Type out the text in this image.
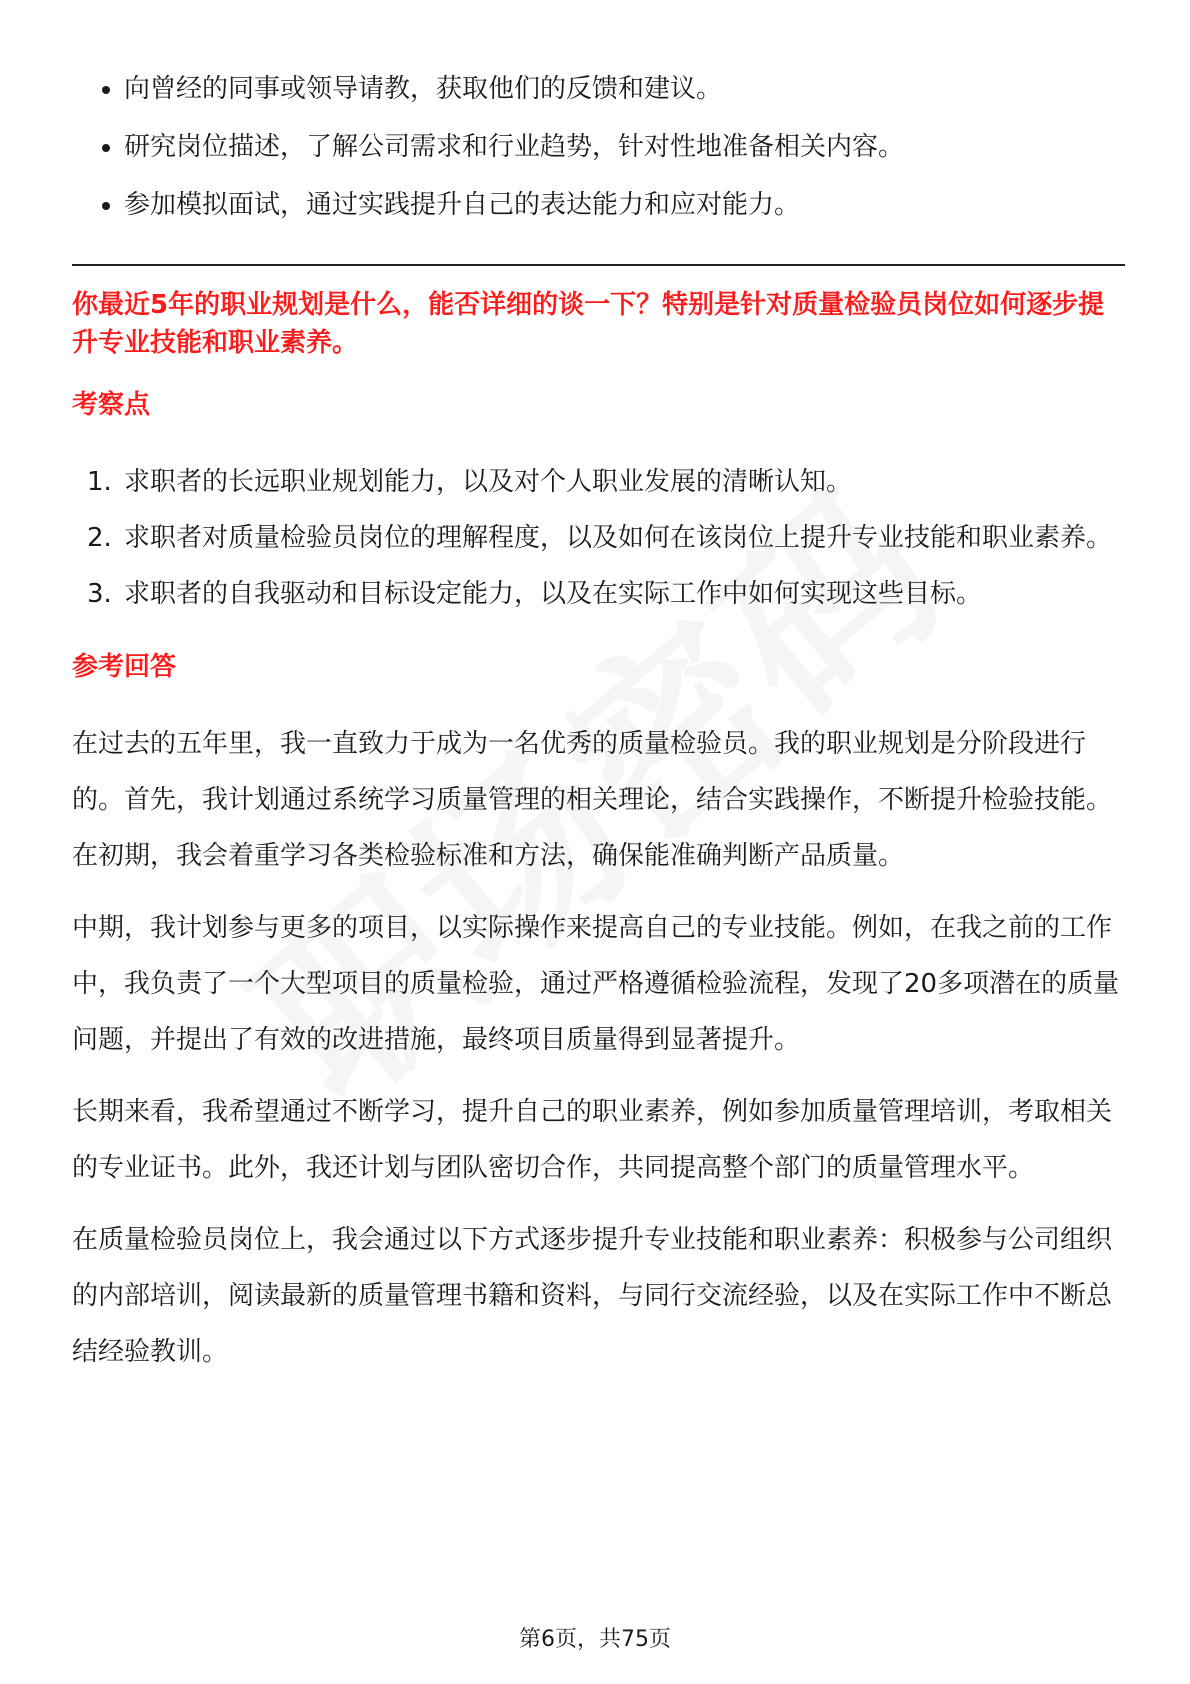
向曾经的同事或领导请教，获取他们的反馈和建议。
研究岗位描述，了解公司需求和行业趋势，针对性地准备相关内容。
参加模拟面试，通过实践提升自己的表达能力和应对能力。

你最近5年的职业规划是什么，能否详细的谈一下？特别是针对质量检验员岗位如何逐步提升专业技能和职业素养。

考察点
1. 求职者的长远职业规划能力，以及对个人职业发展的清晰认知。
2. 求职者对质量检验员岗位的理解程度，以及如何在该岗位上提升专业技能和职业素养。
3. 求职者的自我驱动和目标设定能力，以及在实际工作中如何实现这些目标。
参考回答

在过去的五年里，我一直致力于成为一名优秀的质量检验员。我的职业规划是分阶段进行的。首先，我计划通过系统学习质量管理的相关理论，结合实践操作，不断提升检验技能。在初期，我会着重学习各类检验标准和方法，确保能准确判断产品质量。

中期，我计划参与更多的项目，以实际操作来提高自己的专业技能。例如，在我之前的工作中，我负责了一个大型项目的质量检验，通过严格遵循检验流程，发现了20多项潜在的质量问题，并提出了有效的改进措施，最终项目质量得到显著提升。

长期来看，我希望通过不断学习，提升自己的职业素养，例如参加质量管理培训，考取相关的专业证书。此外，我还计划与团队密切合作，共同提高整个部门的质量管理水平。

在质量检验员岗位上，我会通过以下方式逐步提升专业技能和职业素养：积极参与公司组织的内部培训，阅读最新的质量管理书籍和资料，与同行交流经验，以及在实际工作中不断总结经验教训。

第6页，共75页
